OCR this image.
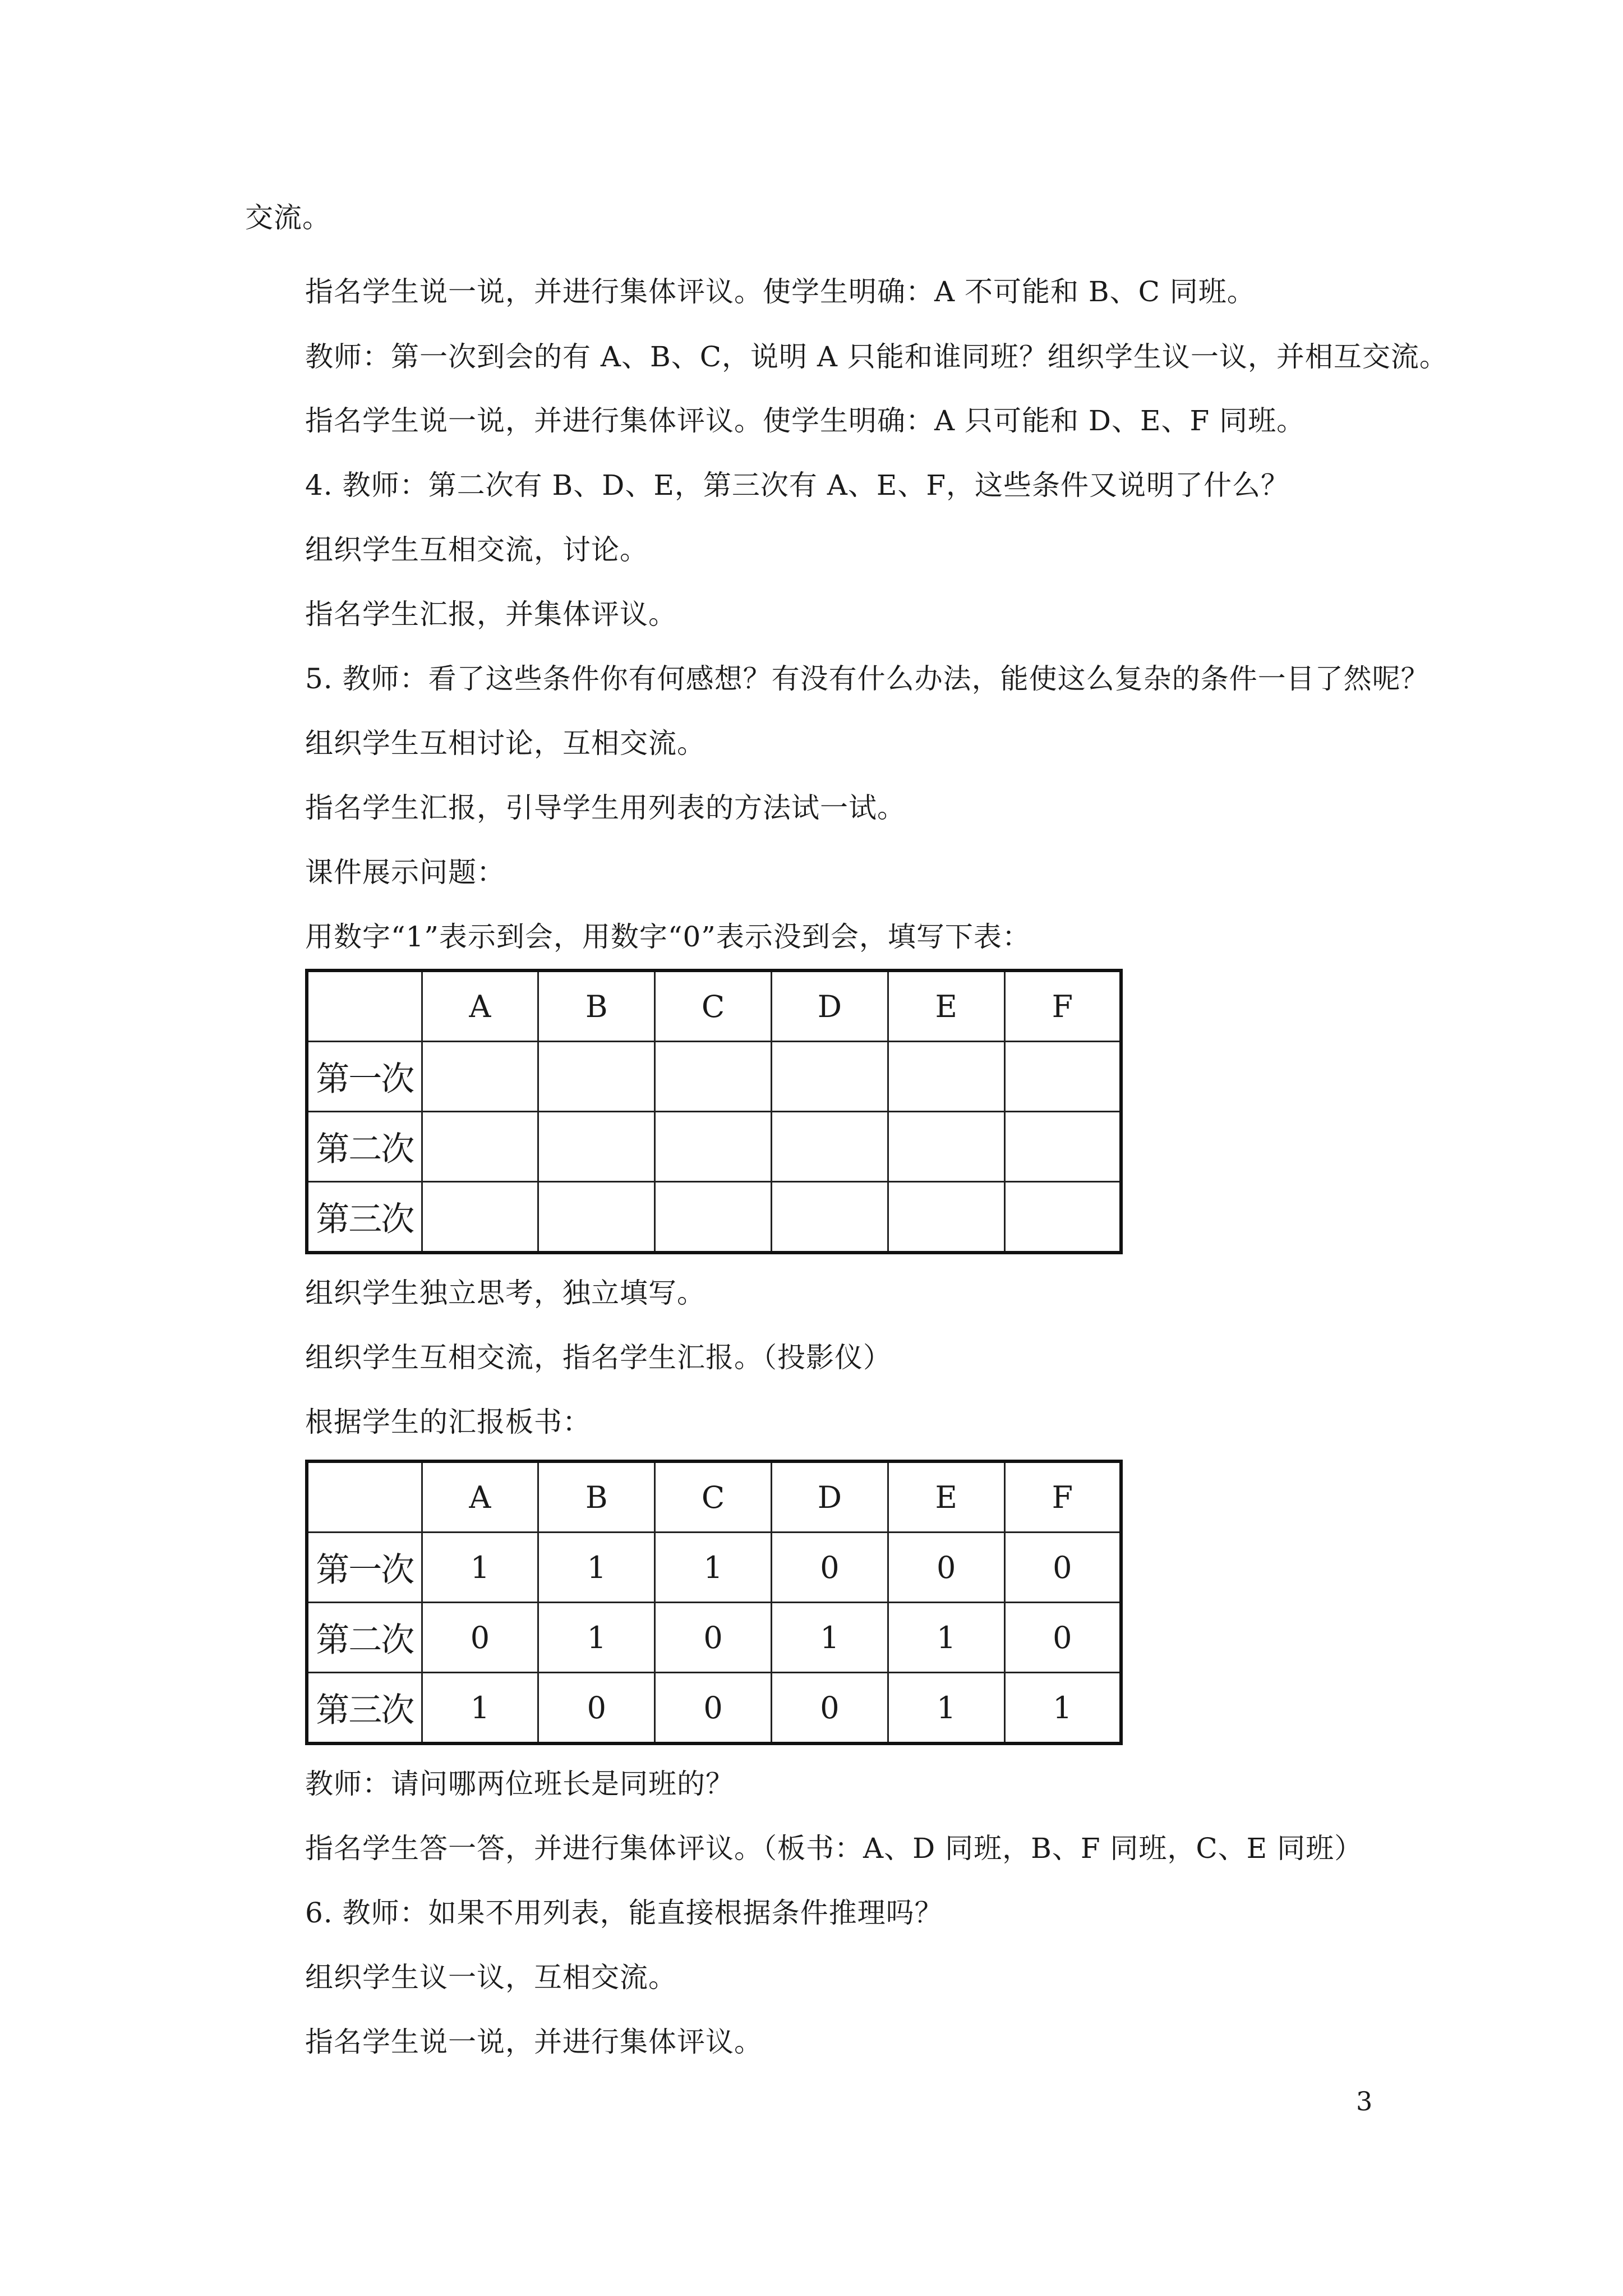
交流。

指名学生说一说，并进行集体评议。使学生明确：A 不可能和 B、C 同班。

教师：第一次到会的有 A、B、C，说明 A 只能和谁同班？组织学生议一议，并相互交流。

指名学生说一说，并进行集体评议。使学生明确：A 只可能和 D、E、F 同班。

4. 教师：第二次有 B、D、E，第三次有 A、E、F，这些条件又说明了什么？

组织学生互相交流，讨论。

指名学生汇报，并集体评议。

5. 教师：看了这些条件你有何感想？有没有什么办法，能使这么复杂的条件一目了然呢？

组织学生互相讨论，互相交流。

指名学生汇报，引导学生用列表的方法试一试。

课件展示问题：

用数字“1”表示到会，用数字“0”表示没到会，填写下表：

	A	B	C	D	E	F
第一次						
第二次						
第三次						

组织学生独立思考，独立填写。

组织学生互相交流，指名学生汇报。（投影仪）

根据学生的汇报板书：

	A	B	C	D	E	F
第一次	1	1	1	0	0	0
第二次	0	1	0	1	1	0
第三次	1	0	0	0	1	1

教师：请问哪两位班长是同班的？

指名学生答一答，并进行集体评议。（板书：A、D 同班，B、F 同班，C、E 同班）

6. 教师：如果不用列表，能直接根据条件推理吗？

组织学生议一议，互相交流。

指名学生说一说，并进行集体评议。

3
